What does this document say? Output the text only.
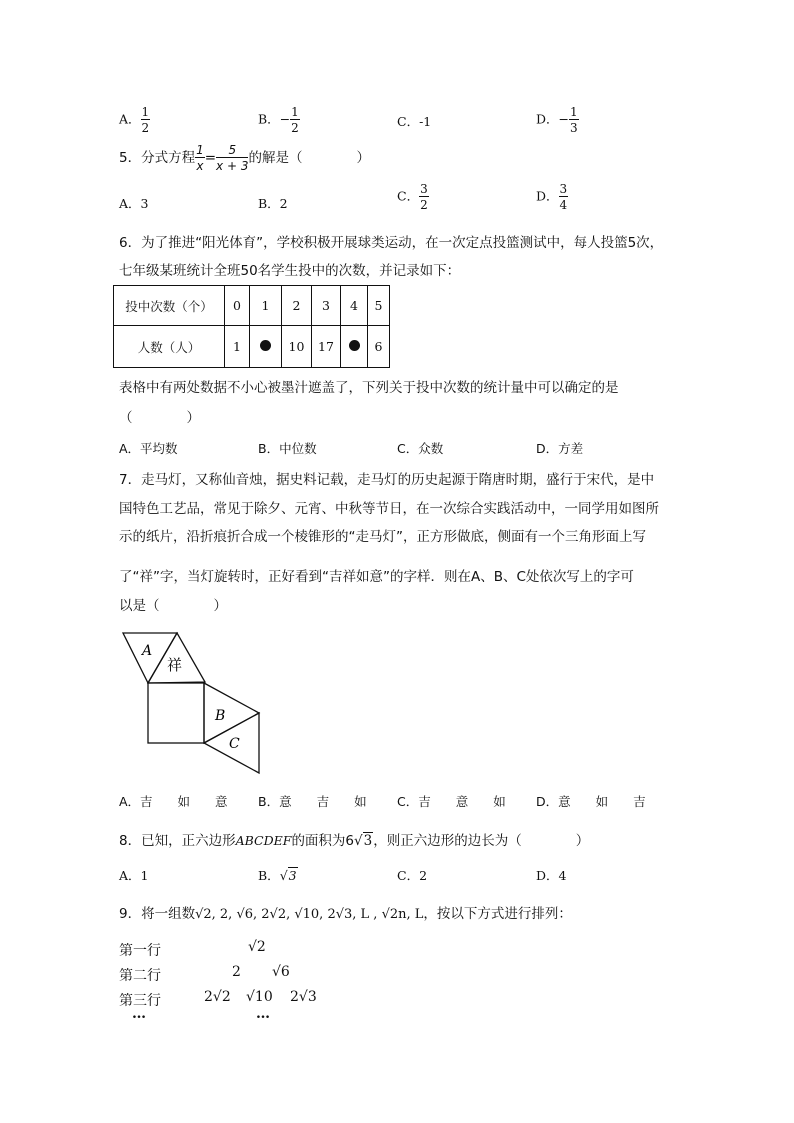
A． $\frac{1}{2}$	B．− $\frac{1}{2}$	C．-1	D．− $\frac{1}{3}$
5．分式方程 $\frac{1}{x} = \frac{5}{x + 3}$ 的解是（　　　　）
A．3	B．2	C． $\frac{3}{2}$	D． $\frac{3}{4}$
6．为了推进“阳光体育”，学校积极开展球类运动，在一次定点投篮测试中，每人投篮5次，
七年级某班统计全班50名学生投中的次数，并记录如下：
投中次数（个）	0	1	2	3	4	5
人数（人）	1		10	17		6
表格中有两处数据不小心被墨汁遮盖了，下列关于投中次数的统计量中可以确定的是
（　　　　）
A．平均数	B．中位数	C．众数	D．方差
7．走马灯，又称仙音烛，据史料记载，走马灯的历史起源于隋唐时期，盛行于宋代，是中
国特色工艺品，常见于除夕、元宵、中秋等节日，在一次综合实践活动中，一同学用如图所
示的纸片，沿折痕折合成一个棱锥形的“走马灯”，正方形做底，侧面有一个三角形面上写
了“祥”字，当灯旋转时，正好看到“吉祥如意”的字样．则在A、B、C处依次写上的字可
以是（　　　　）
A
祥
B
C
A．吉　　如　　意 B．意　　吉　　如 C．吉　　意　　如 D．意　　如　　吉
8．已知，正六边形ABCDEF的面积为6√3，则正六边形的边长为（　　　　）
A．1	B．√3	C．2	D．4
9．将一组数√2, 2, √6, 2√2, √10, 2√3, L , √2n, L，按以下方式进行排列：
第一行	√2
第二行	2 √6
第三行	2√2 √10 2√3
…	…
